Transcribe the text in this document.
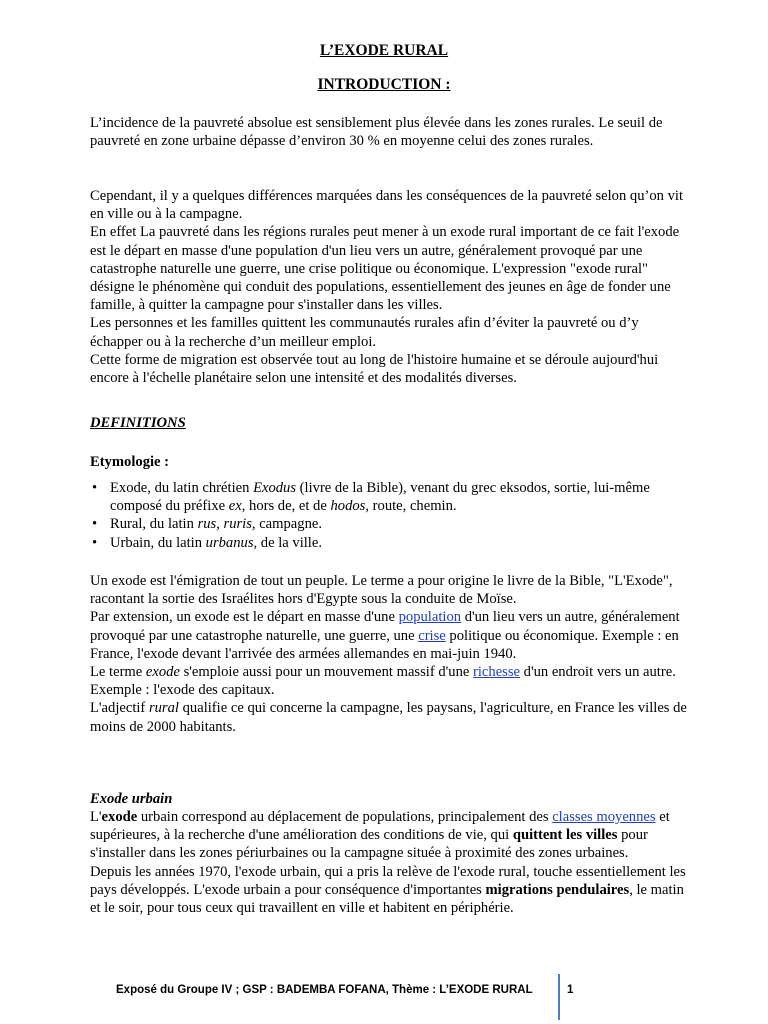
L’EXODE RURAL
INTRODUCTION :

L’incidence de la pauvreté absolue est sensiblement plus élevée dans les zones rurales. Le seuil de pauvreté en zone urbaine dépasse d’environ 30 % en moyenne celui des zones rurales.

Cependant, il y a quelques différences marquées dans les conséquences de la pauvreté selon qu’on vit en ville ou à la campagne.

En effet La pauvreté dans les régions rurales peut mener à un exode rural important de ce fait l'exode est le départ en masse d'une population d'un lieu vers un autre, généralement provoqué par une catastrophe naturelle une guerre, une crise politique ou économique. L'expression "exode rural" désigne le phénomène qui conduit des populations, essentiellement des jeunes en âge de fonder une famille, à quitter la campagne pour s'installer dans les villes.

Les personnes et les familles quittent les communautés rurales afin d’éviter la pauvreté ou d’y échapper ou à la recherche d’un meilleur emploi.

Cette forme de migration est observée tout au long de l'histoire humaine et se déroule aujourd'hui encore à l'échelle planétaire selon une intensité et des modalités diverses.

DEFINITIONS
Etymologie :
• Exode, du latin chrétien Exodus (livre de la Bible), venant du grec eksodos, sortie, lui-même composé du préfixe ex, hors de, et de hodos, route, chemin.
• Rural, du latin rus, ruris, campagne.
• Urbain, du latin urbanus, de la ville.

Un exode est l'émigration de tout un peuple. Le terme a pour origine le livre de la Bible, "L'Exode", racontant la sortie des Israélites hors d'Egypte sous la conduite de Moïse.

Par extension, un exode est le départ en masse d'une population d'un lieu vers un autre, généralement provoqué par une catastrophe naturelle, une guerre, une crise politique ou économique. Exemple : en France, l'exode devant l'arrivée des armées allemandes en mai-juin 1940.

Le terme exode s'emploie aussi pour un mouvement massif d'une richesse d'un endroit vers un autre. Exemple : l'exode des capitaux.

L'adjectif rural qualifie ce qui concerne la campagne, les paysans, l'agriculture, en France les villes de moins de 2000 habitants.

Exode urbain

L'exode urbain correspond au déplacement de populations, principalement des classes moyennes et supérieures, à la recherche d'une amélioration des conditions de vie, qui quittent les villes pour s'installer dans les zones périurbaines ou la campagne située à proximité des zones urbaines.

Depuis les années 1970, l'exode urbain, qui a pris la relève de l'exode rural, touche essentiellement les pays développés. L'exode urbain a pour conséquence d'importantes migrations pendulaires, le matin et le soir, pour tous ceux qui travaillent en ville et habitent en périphérie.

Exposé du Groupe IV ; GSP : BADEMBA FOFANA, Thème : L’EXODE RURAL	1
